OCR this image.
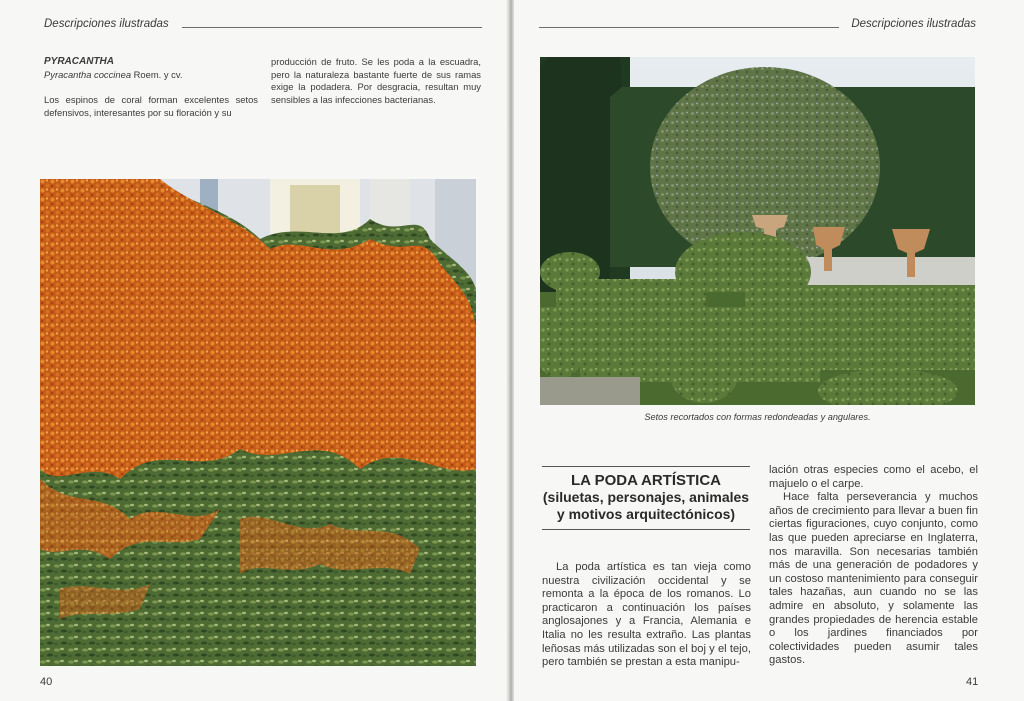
Descripciones ilustradas

PYRACANTHA

Pyracantha coccinea Roem. y cv.

Los espinos de coral forman excelentes setos defensivos, interesantes por su floración y su

producción de fruto. Se les poda a la escuadra, pero la naturaleza bastante fuerte de sus ramas exige la podadera. Por desgracia, resultan muy sensibles a las infecciones bacterianas.

40
Descripciones ilustradas
Setos recortados con formas redondeadas y angulares.
LA PODA ARTÍSTICA
(siluetas, personajes, animales y motivos arquitectónicos)

La poda artística es tan vieja como nuestra civilización occidental y se remonta a la época de los romanos. Lo practicaron a continuación los países anglosajones y a Francia, Alemania e Italia no les resulta extraño. Las plantas leñosas más utilizadas son el boj y el tejo, pero también se prestan a esta manipu-

lación otras especies como el acebo, el majuelo o el carpe.

Hace falta perseverancia y muchos años de crecimiento para llevar a buen fin ciertas figuraciones, cuyo conjunto, como las que pueden apreciarse en Inglaterra, nos maravilla. Son necesarias también más de una generación de podadores y un costoso mantenimiento para conseguir tales hazañas, aun cuando no se las admire en absoluto, y solamente las grandes propiedades de herencia estable o los jardines financiados por colectividades pueden asumir tales gastos.

41
